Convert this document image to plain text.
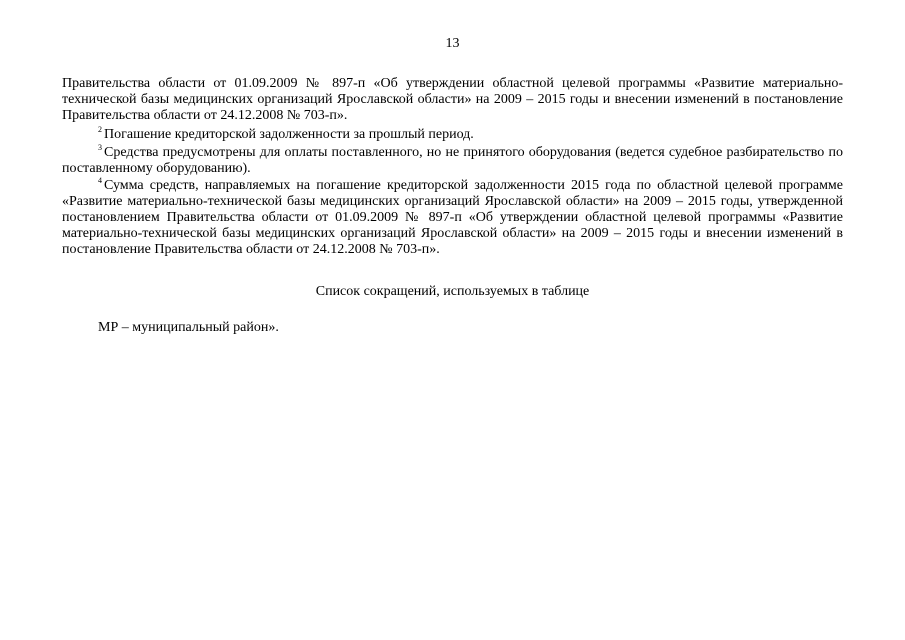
13

Правительства области от 01.09.2009 № 897-п «Об утверждении областной целевой программы «Развитие материально-технической базы медицинских организаций Ярославской области» на 2009 – 2015 годы и внесении изменений в постановление Правительства области от 24.12.2008 № 703-п».

$^2$ Погашение кредиторской задолженности за прошлый период.

$^3$ Средства предусмотрены для оплаты поставленного, но не принятого оборудования (ведется судебное разбирательство по поставленному оборудованию).

$^4$ Сумма средств, направляемых на погашение кредиторской задолженности 2015 года по областной целевой программе «Развитие материально-технической базы медицинских организаций Ярославской области» на 2009 – 2015 годы, утвержденной постановлением Правительства области от 01.09.2009 № 897-п «Об утверждении областной целевой программы «Развитие материально-технической базы медицинских организаций Ярославской области» на 2009 – 2015 годы и внесении изменений в постановление Правительства области от 24.12.2008 № 703-п».

Список сокращений, используемых в таблице
МР – муниципальный район».
